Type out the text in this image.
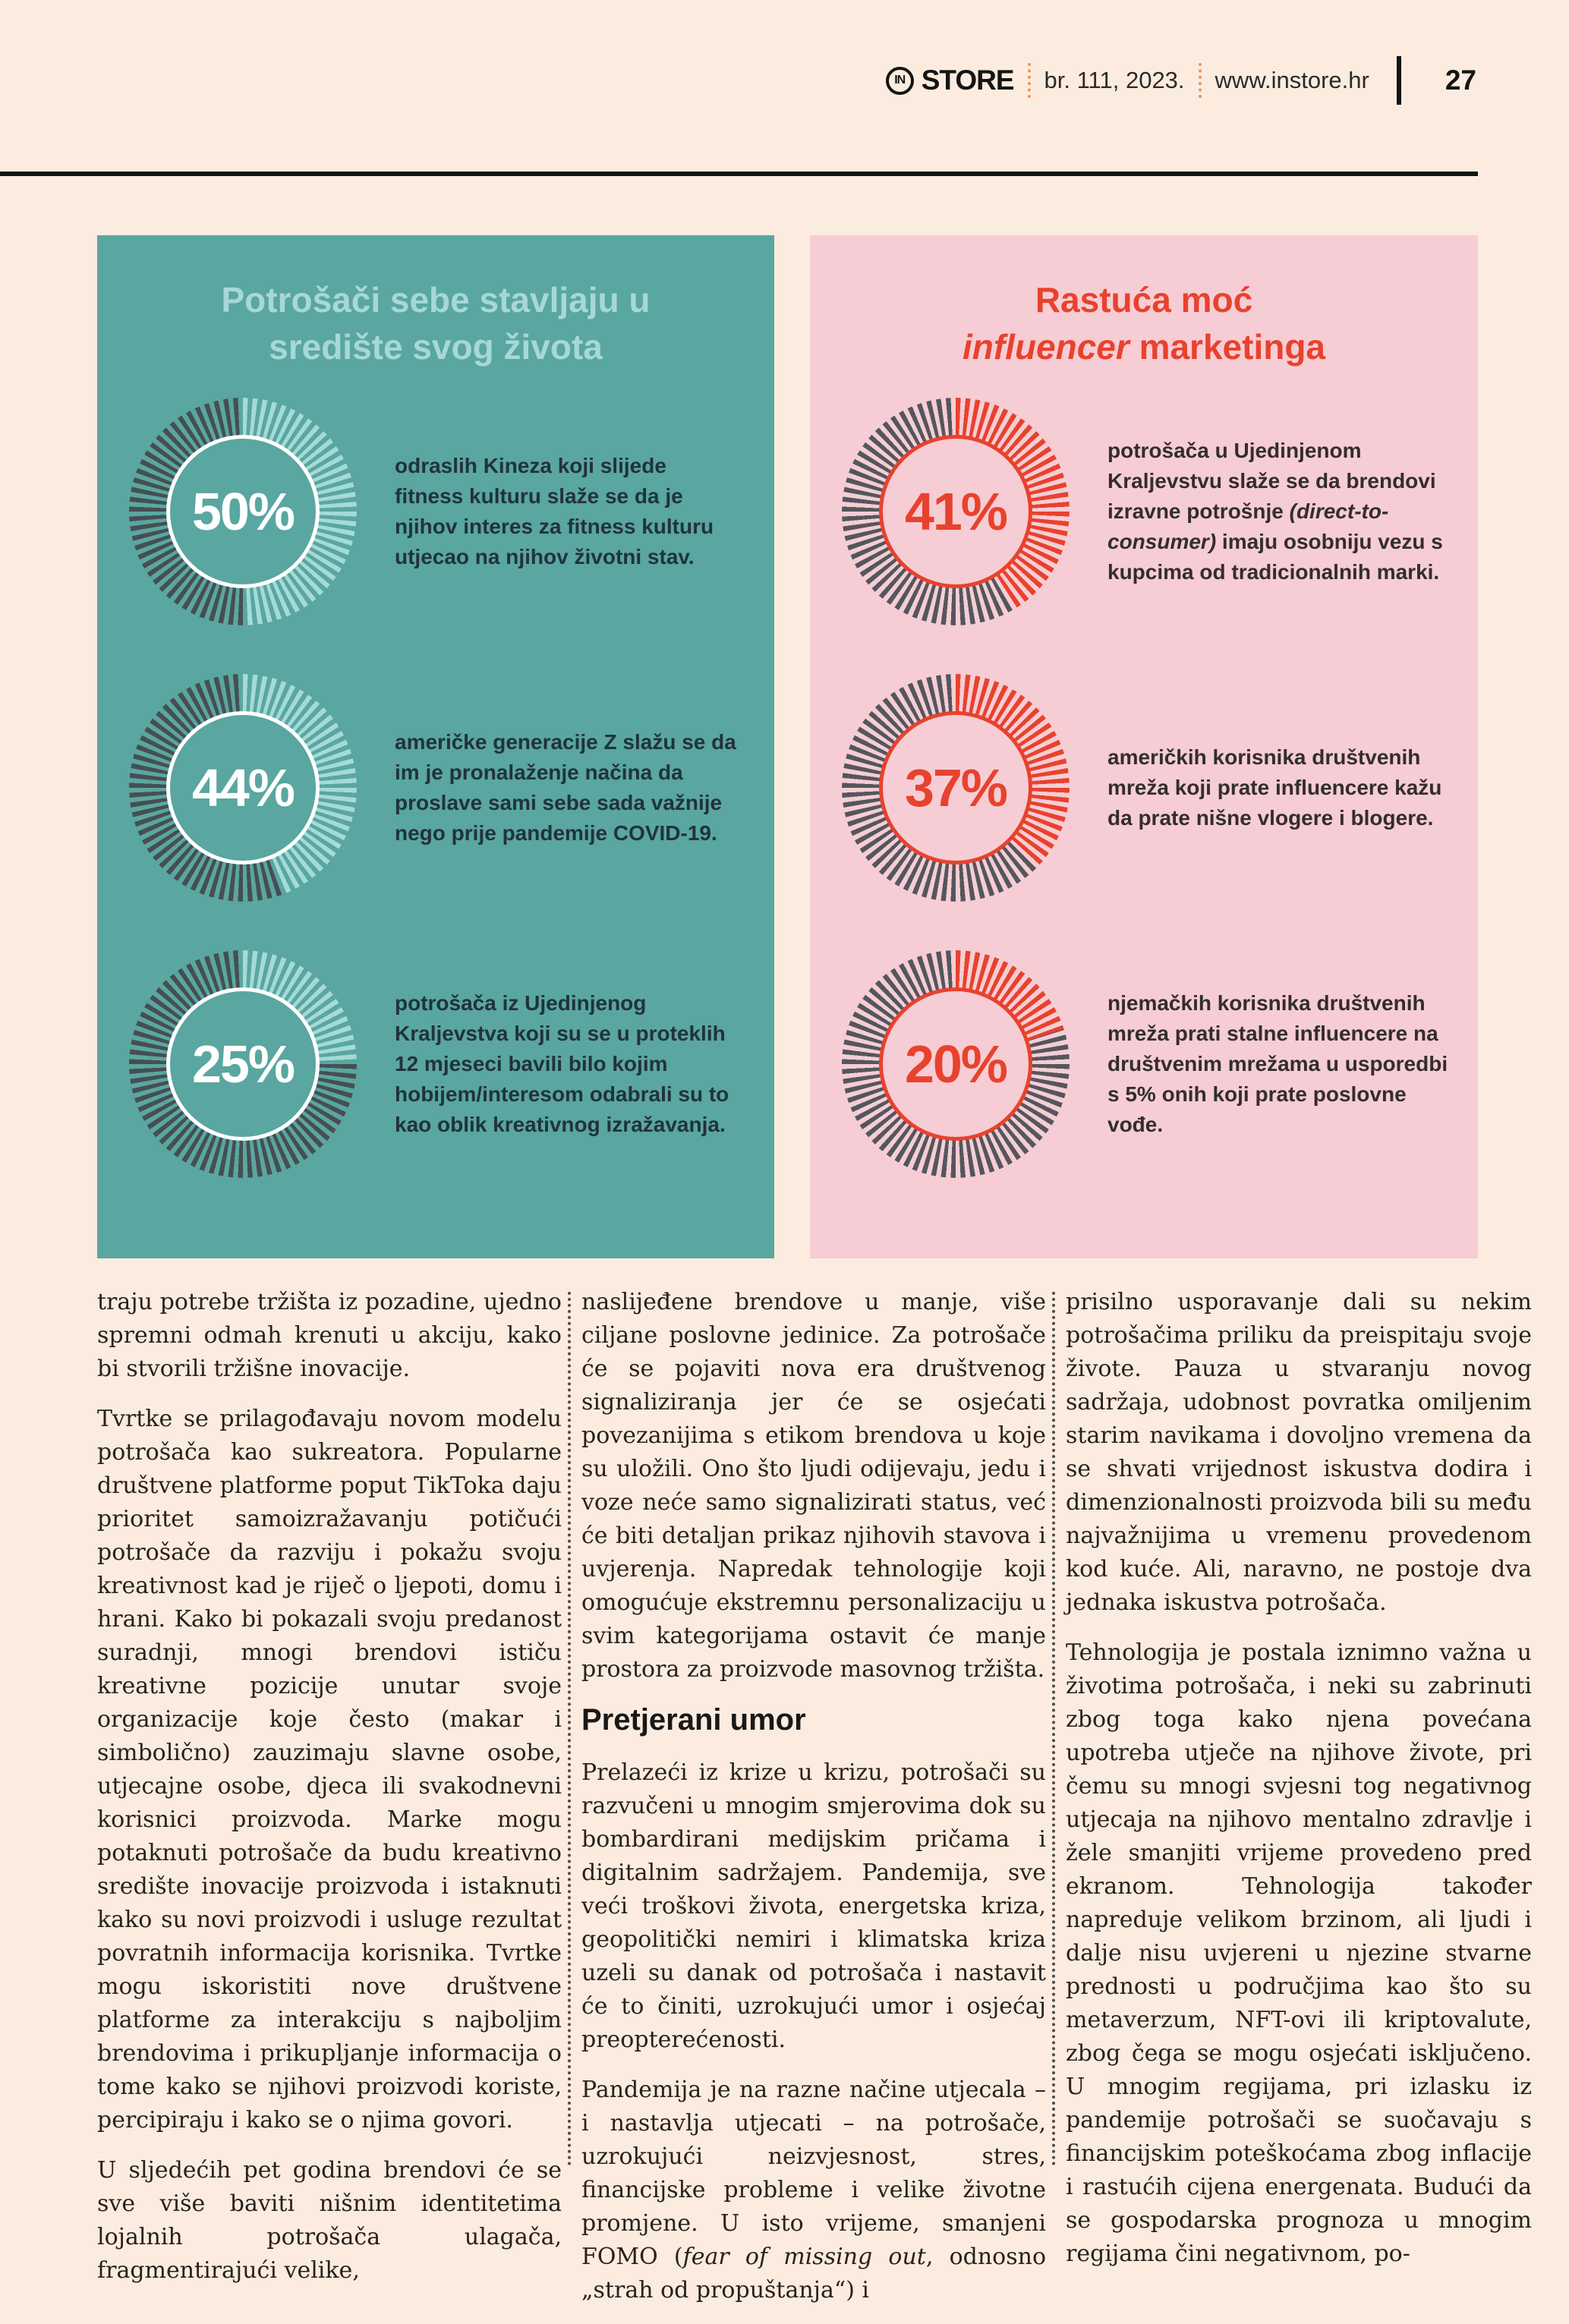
IN STORE br. 111, 2023. www.instore.hr	27
Potrošači sebe stavljaju u
središte svog života
50%
odraslih Kineza koji slijede fitness kulturu slaže se da je njihov interes za fitness kulturu utjecao na njihov životni stav.
44%
američke generacije Z slažu se da im je pronalaženje načina da proslave sami sebe sada važnije nego prije pandemije COVID-19.
25%
potrošača iz Ujedinjenog Kraljevstva koji su se u proteklih 12 mjeseci bavili bilo kojim hobijem/interesom odabrali su to kao oblik kreativnog izražavanja.
Rastuća moć
influencer marketinga
41%
potrošača u Ujedinjenom Kraljevstvu slaže se da brendovi izravne potrošnje (direct-to-consumer) imaju osobniju vezu s kupcima od tradicionalnih marki.
37%
američkih korisnika društvenih mreža koji prate influencere kažu da prate nišne vlogere i blogere.
20%
njemačkih korisnika društvenih mreža prati stalne influencere na društvenim mrežama u usporedbi s 5% onih koji prate poslovne vođe.

traju potrebe tržišta iz pozadine, ujedno spremni odmah krenuti u akciju, kako bi stvorili tržišne inovacije.

Tvrtke se prilagođavaju novom modelu potrošača kao sukreatora. Popularne društvene platforme poput TikToka daju prioritet samoizražavanju potičući potrošače da razviju i pokažu svoju kreativnost kad je riječ o ljepoti, domu i hrani. Kako bi pokazali svoju predanost suradnji, mnogi brendovi ističu kreativne pozicije unutar svoje organizacije koje često (makar i simbolično) zauzimaju slavne osobe, utjecajne osobe, djeca ili svakodnevni korisnici proizvoda. Marke mogu potaknuti potrošače da budu kreativno središte inovacije proizvoda i istaknuti kako su novi proizvodi i usluge rezultat povratnih informacija korisnika. Tvrtke mogu iskoristiti nove društvene platforme za interakciju s najboljim brendovima i prikupljanje informacija o tome kako se njihovi proizvodi koriste, percipiraju i kako se o njima govori.

U sljedećih pet godina brendovi će se sve više baviti nišnim identitetima lojalnih potrošača ulagača, fragmentirajući velike,

naslijeđene brendove u manje, više ciljane poslovne jedinice. Za potrošače će se pojaviti nova era društvenog signaliziranja jer će se osjećati povezanijima s etikom brendova u koje su uložili. Ono što ljudi odijevaju, jedu i voze neće samo signalizirati status, već će biti detaljan prikaz njihovih stavova i uvjerenja. Napredak tehnologije koji omogućuje ekstremnu personalizaciju u svim kategorijama ostavit će manje prostora za proizvode masovnog tržišta.

Pretjerani umor

Prelazeći iz krize u krizu, potrošači su razvučeni u mnogim smjerovima dok su bombardirani medijskim pričama i digitalnim sadržajem. Pandemija, sve veći troškovi života, energetska kriza, geopolitički nemiri i klimatska kriza uzeli su danak od potrošača i nastavit će to činiti, uzrokujući umor i osjećaj preopterećenosti.

Pandemija je na razne načine utjecala – i nastavlja utjecati – na potrošače, uzrokujući neizvjesnost, stres, financijske probleme i velike životne promjene. U isto vrijeme, smanjeni FOMO (fear of missing out, odnosno „strah od propuštanja“) i

prisilno usporavanje dali su nekim potrošačima priliku da preispitaju svoje živote. Pauza u stvaranju novog sadržaja, udobnost povratka omiljenim starim navikama i dovoljno vremena da se shvati vrijednost iskustva dodira i dimenzionalnosti proizvoda bili su među najvažnijima u vremenu provedenom kod kuće. Ali, naravno, ne postoje dva jednaka iskustva potrošača.

Tehnologija je postala iznimno važna u životima potrošača, i neki su zabrinuti zbog toga kako njena povećana upotreba utječe na njihove živote, pri čemu su mnogi svjesni tog negativnog utjecaja na njihovo mentalno zdravlje i žele smanjiti vrijeme provedeno pred ekranom. Tehnologija također napreduje velikom brzinom, ali ljudi i dalje nisu uvjereni u njezine stvarne prednosti u područjima kao što su metaverzum, NFT-ovi ili kriptovalute, zbog čega se mogu osjećati isključeno. U mnogim regijama, pri izlasku iz pandemije potrošači se suočavaju s financijskim poteškoćama zbog inflacije i rastućih cijena energenata. Budući da se gospodarska prognoza u mnogim regijama čini negativnom, po-
